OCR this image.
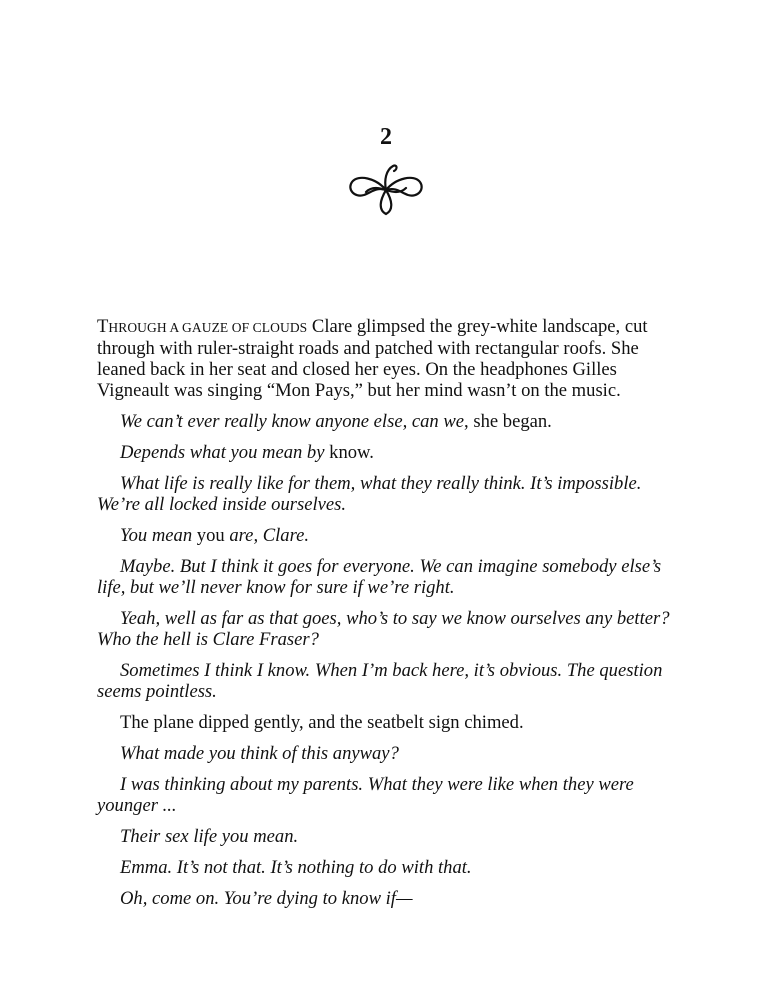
2

THROUGH A GAUZE OF CLOUDS Clare glimpsed the grey-white landscape, cut through with ruler-straight roads and patched with rectangular roofs. She leaned back in her seat and closed her eyes. On the headphones Gilles Vigneault was singing “Mon Pays,” but her mind wasn’t on the music.

We can’t ever really know anyone else, can we, she began.

Depends what you mean by know.

What life is really like for them, what they really think. It’s impossible. We’re all locked inside ourselves.

You mean you are, Clare.

Maybe. But I think it goes for everyone. We can imagine somebody else’s life, but we’ll never know for sure if we’re right.

Yeah, well as far as that goes, who’s to say we know ourselves any better? Who the hell is Clare Fraser?

Sometimes I think I know. When I’m back here, it’s obvious. The question seems pointless.

The plane dipped gently, and the seatbelt sign chimed.

What made you think of this anyway?

I was thinking about my parents. What they were like when they were younger ...

Their sex life you mean.

Emma. It’s not that. It’s nothing to do with that.

Oh, come on. You’re dying to know if—
